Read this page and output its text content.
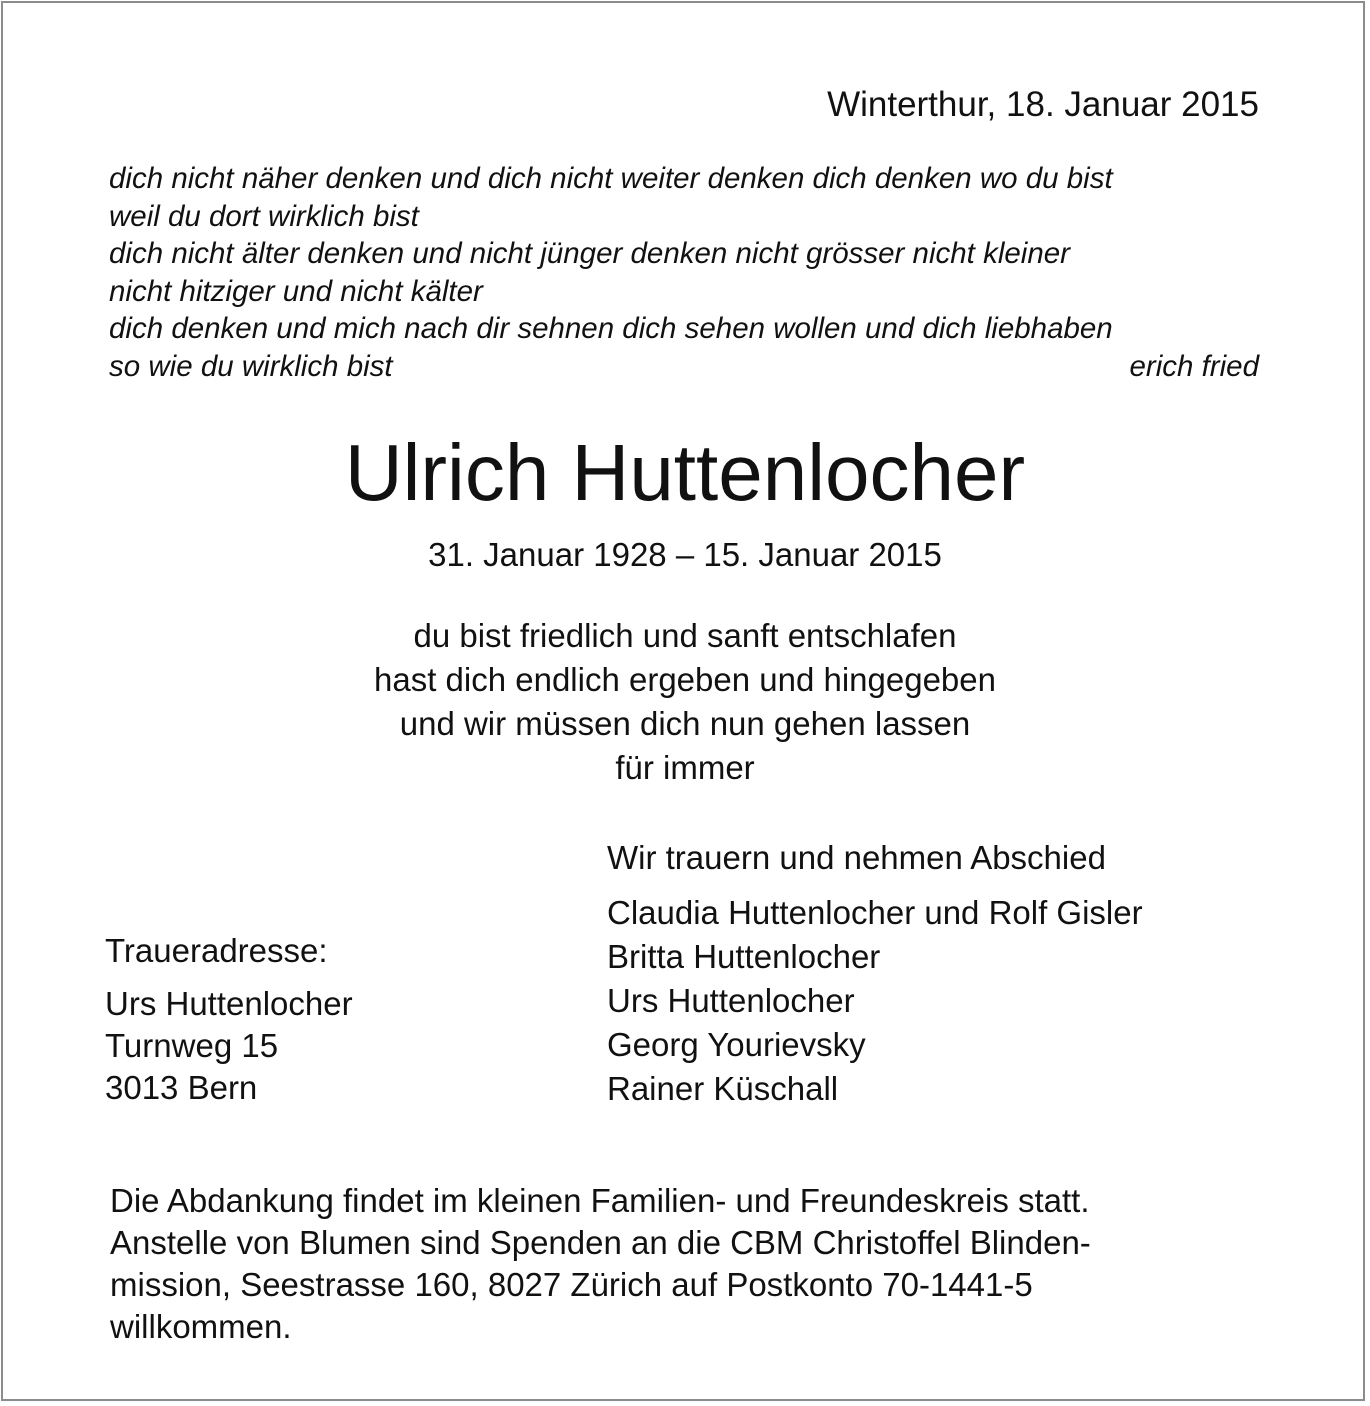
Winterthur, 18. Januar 2015
dich nicht näher denken und dich nicht weiter denken dich denken wo du bist
weil du dort wirklich bist
dich nicht älter denken und nicht jünger denken nicht grösser nicht kleiner
nicht hitziger und nicht kälter
dich denken und mich nach dir sehnen dich sehen wollen und dich liebhaben
so wie du wirklich bist	erich fried
Ulrich Huttenlocher
31. Januar 1928 – 15. Januar 2015
du bist friedlich und sanft entschlafen
hast dich endlich ergeben und hingegeben
und wir müssen dich nun gehen lassen
für immer
Wir trauern und nehmen Abschied
Claudia Huttenlocher und Rolf Gisler
Britta Huttenlocher
Urs Huttenlocher
Georg Yourievsky
Rainer Küschall
Traueradresse:
Urs Huttenlocher
Turnweg 15
3013 Bern
Die Abdankung findet im kleinen Familien- und Freundeskreis statt.
Anstelle von Blumen sind Spenden an die CBM Christoffel Blinden-
mission, Seestrasse 160, 8027 Zürich auf Postkonto 70-1441-5
willkommen.
